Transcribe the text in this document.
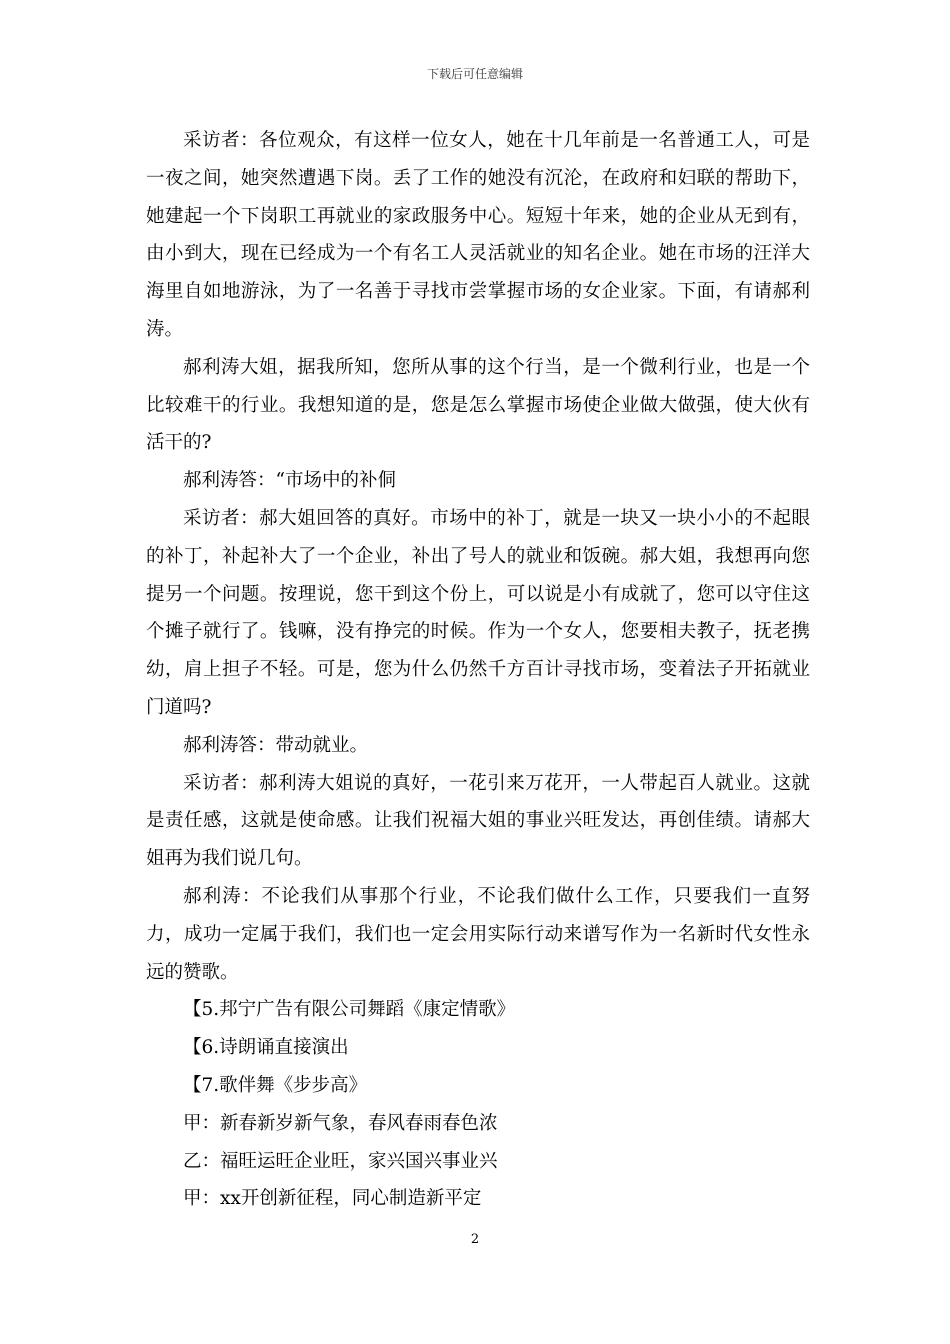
下载后可任意编辑

采访者：各位观众，有这样一位女人，她在十几年前是一名普通工人，可是一夜之间，她突然遭遇下岗。丢了工作的她没有沉沦，在政府和妇联的帮助下，她建起一个下岗职工再就业的家政服务中心。短短十年来，她的企业从无到有，由小到大，现在已经成为一个有名工人灵活就业的知名企业。她在市场的汪洋大海里自如地游泳，为了一名善于寻找市尝掌握市场的女企业家。下面，有请郝利涛。

郝利涛大姐，据我所知，您所从事的这个行当，是一个微利行业，也是一个比较难干的行业。我想知道的是，您是怎么掌握市场使企业做大做强，使大伙有活干的?

郝利涛答：“市场中的补侗

采访者：郝大姐回答的真好。市场中的补丁，就是一块又一块小小的不起眼的补丁，补起补大了一个企业，补出了号人的就业和饭碗。郝大姐，我想再向您提另一个问题。按理说，您干到这个份上，可以说是小有成就了，您可以守住这个摊子就行了。钱嘛，没有挣完的时候。作为一个女人，您要相夫教子，抚老携幼，肩上担子不轻。可是，您为什么仍然千方百计寻找市场，变着法子开拓就业门道吗?

郝利涛答：带动就业。

采访者：郝利涛大姐说的真好，一花引来万花开，一人带起百人就业。这就是责任感，这就是使命感。让我们祝福大姐的事业兴旺发达，再创佳绩。请郝大姐再为我们说几句。

郝利涛：不论我们从事那个行业，不论我们做什么工作，只要我们一直努力，成功一定属于我们，我们也一定会用实际行动来谱写作为一名新时代女性永远的赞歌。

【5.邦宁广告有限公司舞蹈《康定情歌》

【6.诗朗诵直接演出

【7.歌伴舞《步步高》

甲：新春新岁新气象，春风春雨春色浓

乙：福旺运旺企业旺，家兴国兴事业兴

甲：xx开创新征程，同心制造新平定

2
